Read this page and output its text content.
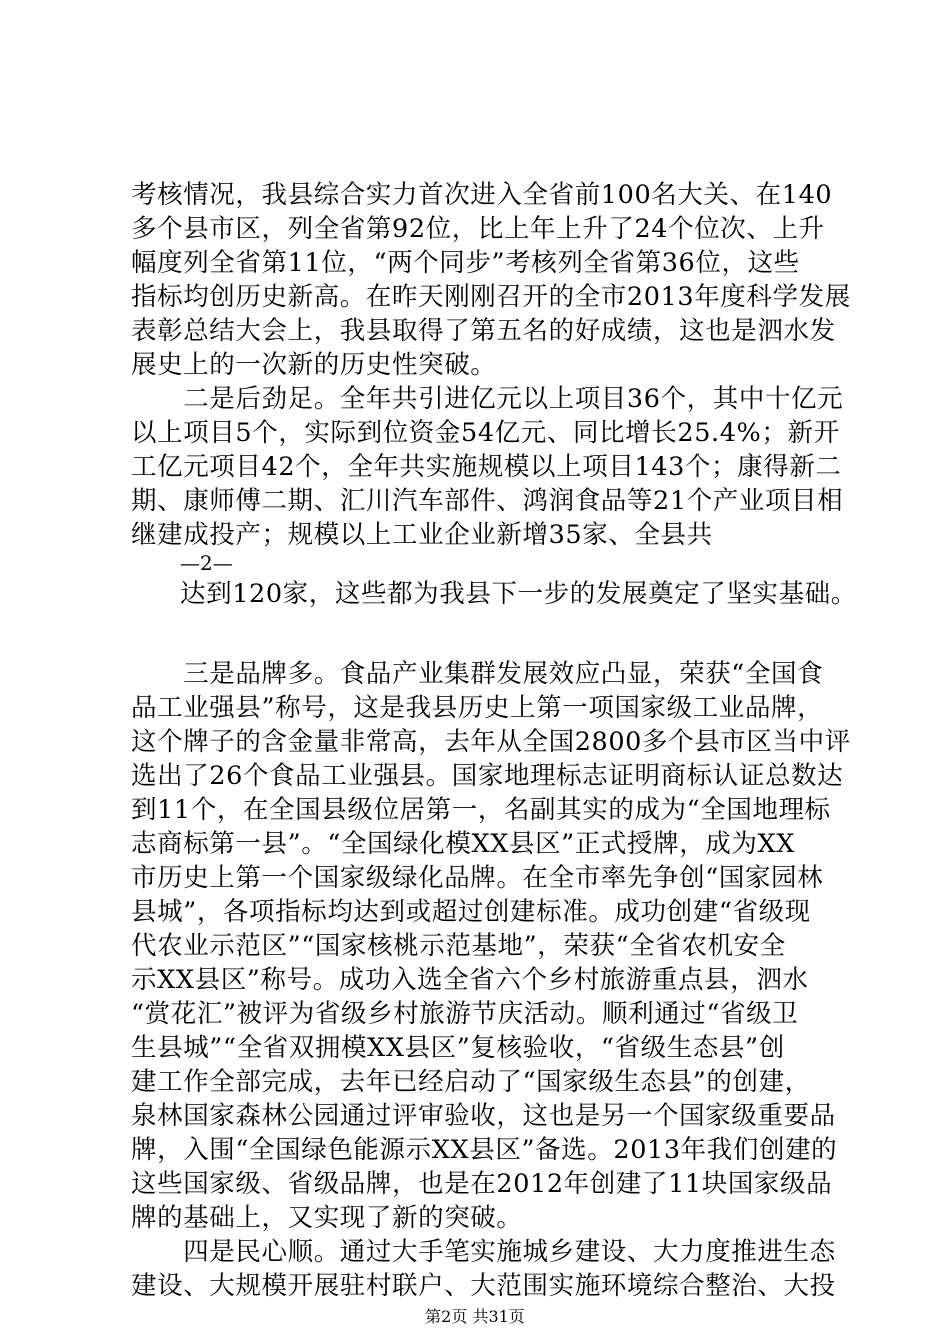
考核情况，我县综合实力首次进入全省前100名大关、在140
多个县市区，列全省第92位，比上年上升了24个位次、上升
幅度列全省第11位，“两个同步”考核列全省第36位，这些
指标均创历史新高。在昨天刚刚召开的全市2013年度科学发展
表彰总结大会上，我县取得了第五名的好成绩，这也是泗水发
展史上的一次新的历史性突破。
　　二是后劲足。全年共引进亿元以上项目36个，其中十亿元
以上项目5个，实际到位资金54亿元、同比增长25.4%；新开
工亿元项目42个，全年共实施规模以上项目143个；康得新二
期、康师傅二期、汇川汽车部件、鸿润食品等21个产业项目相
继建成投产；规模以上工业企业新增35家、全县共
—2—
达到120家，这些都为我县下一步的发展奠定了坚实基础。
　　三是品牌多。食品产业集群发展效应凸显，荣获“全国食
品工业强县”称号，这是我县历史上第一项国家级工业品牌，
这个牌子的含金量非常高，去年从全国2800多个县市区当中评
选出了26个食品工业强县。国家地理标志证明商标认证总数达
到11个，在全国县级位居第一，名副其实的成为“全国地理标
志商标第一县”。“全国绿化模XX县区”正式授牌，成为XX
市历史上第一个国家级绿化品牌。在全市率先争创“国家园林
县城”，各项指标均达到或超过创建标准。成功创建“省级现
代农业示范区”“国家核桃示范基地”，荣获“全省农机安全
示XX县区”称号。成功入选全省六个乡村旅游重点县，泗水
“赏花汇”被评为省级乡村旅游节庆活动。顺利通过“省级卫
生县城”“全省双拥模XX县区”复核验收，“省级生态县”创
建工作全部完成，去年已经启动了“国家级生态县”的创建，
泉林国家森林公园通过评审验收，这也是另一个国家级重要品
牌，入围“全国绿色能源示XX县区”备选。2013年我们创建的
这些国家级、省级品牌，也是在2012年创建了11块国家级品
牌的基础上，又实现了新的突破。
　　四是民心顺。通过大手笔实施城乡建设、大力度推进生态
建设、大规模开展驻村联户、大范围实施环境综合整治、大投
第2页 共31页
